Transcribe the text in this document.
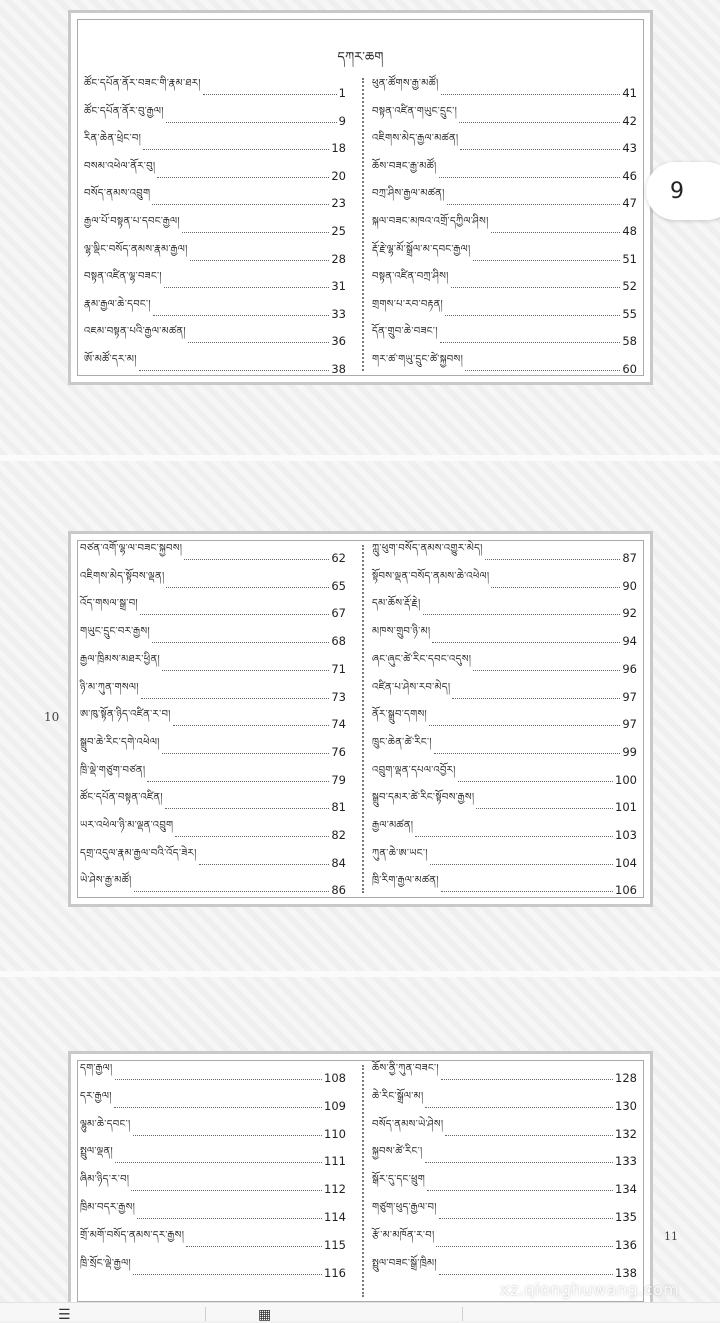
དཀར་ཆག
ཚོང་དཔོན་ནོར་བཟང་གི་རྣམ་ཐར།
1
ཚོང་དཔོན་ནོར་བུ་རྒྱལ།
9
རིན་ཆེན་ཕྲེང་བ།
18
བསམ་འཕེལ་ནོར་བུ།
20
བསོད་ནམས་འབྲུག
23
རྒྱལ་པོ་བསྟན་པ་དབང་རྒྱལ།
25
ལྷ་ལྡིང་བསོད་ནམས་རྣམ་རྒྱལ།
28
བསྟན་འཛིན་ལྷ་བཟང་།
31
རྣམ་རྒྱལ་ཆེ་དབང་།
33
འཇམ་བསྟན་པའི་རྒྱལ་མཚན།
36
ཨོ་མཚོ་དར་མ།
38
ཕུན་ཚོགས་རྒྱ་མཚོ།
41
བསྟན་འཛིན་གཡུང་དྲུང་།
42
འཇིགས་མེད་རྒྱལ་མཚན།
43
ཆོས་བཟང་རྒྱ་མཚོ།
46
བཀྲ་ཤིས་རྒྱལ་མཚན།
47
སྐལ་བཟང་མཁའ་འགྲོ་དཀྱིལ་ཤིས།
48
རྡོ་རྗེ་ལྷ་མོ་སྒྲོལ་མ་དབང་རྒྱལ།
51
བསྟན་འཛིན་བཀྲ་ཤིས།
52
གྲགས་པ་རབ་བརྟན།
55
དོན་གྲུབ་ཆེ་བཟང་།
58
གར་ཚ་གཡུ་དྲུང་ཚེ་སྐྱབས།
60
བཙན་འགོ་ལྷ་ལ་བཟང་སྐྱབས།
62
འཇིགས་མེད་སྟོབས་ལྡན།
65
འོད་གསལ་སྒྲ་བ།
67
གཡུང་དྲུང་བར་རྒྱས།
68
རྒྱལ་ཁྲིམས་མཐར་ཕྱིན།
71
ཉི་མ་ཀུན་གསལ།
73
ཨ་ཁུ་སྟོན་ཉིད་འཛིན་ར་བ།
74
སྒྲུབ་ཆེ་རིང་དགེ་འཕེལ།
76
ཁྲི་ལྡེ་གཙུག་བཙན།
79
ཚོང་དཔོན་བསྟན་འཛིན།
81
ཡར་འཕེལ་ཉི་མ་ལྡན་འབྲུག
82
དགྲ་འདུལ་རྣམ་རྒྱལ་བའི་འོད་ཟེར།
84
ཡེ་ཤེས་རྒྱ་མཚོ།
86
ཀླུ་ཕུག་བསོད་ནམས་འགྱུར་མེད།
87
སྟོབས་ལྡན་བསོད་ནམས་ཆེ་འཕེལ།
90
དམ་ཆོས་རྡོ་རྗེ།
92
མཁས་གྲུབ་ཉི་མ།
94
ཞང་ཞུང་ཚེ་རིང་དབང་འདུས།
96
འཛིན་པ་ཤེས་རབ་མེད།
97
ནོར་སྒྲུབ་དགས།
97
ཁྲུང་ཆེན་ཚེ་རིང་།
99
འབྲུག་ལྡན་དཔལ་འབྱོར།
100
སྒྲུབ་དམར་ཚེ་རིང་སྟོབས་རྒྱས།
101
རྒྱལ་མཚན།
103
ཀུན་ཆེ་ཨ་ཡང་།
104
ཁྲི་རིག་རྒྱལ་མཚན།
106
10
དག་རྒྱལ།
108
དར་རྒྱལ།
109
ལྷུམ་ཆེ་དབང་།
110
སྤྲུལ་ལྡན།
111
ཞིམ་ཉིད་ར་བ།
112
ཁྲིམ་བདར་རྒྱས།
114
གྲོ་མགོ་བསོད་ནམས་དར་རྒྱས།
115
ཁྲི་སྲོང་ལྡེ་རྒྱལ།
116
ཆོས་ནྱི་ཀུན་བཟང་།
128
ཆེ་རིང་སྒྲོལ་མ།
130
བསོད་ནམས་ཡེ་ཤེས།
132
སྐྱབས་ཚེ་རིང་།
133
སྒོར་དུ་དང་ཕྲུག
134
གཙུག་ཕུད་རྒྱལ་བ།
135
རྩོ་མ་མཁོན་ར་བ།
136
སྤྲུལ་བཟང་སྒྲོ་ཁྲིམ།
138
11
9
xz.qionghuwang.com
☰	▦
